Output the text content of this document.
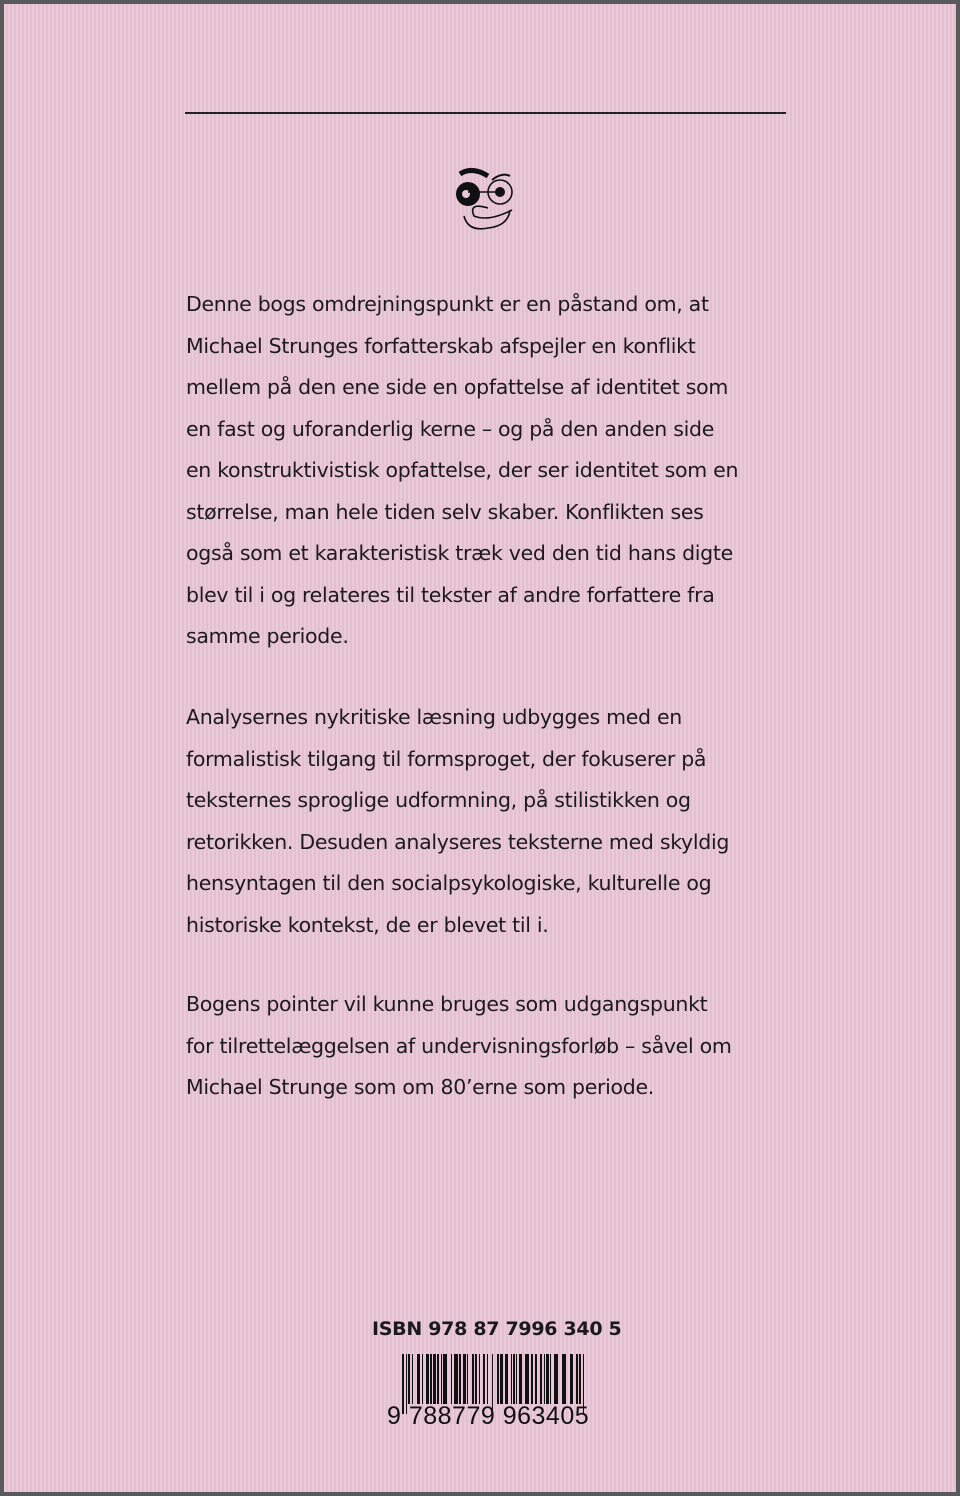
Denne bogs omdrejningspunkt er en påstand om, at
Michael Strunges forfatterskab afspejler en konflikt
mellem på den ene side en opfattelse af identitet som
en fast og uforanderlig kerne – og på den anden side
en konstruktivistisk opfattelse, der ser identitet som en
størrelse, man hele tiden selv skaber. Konflikten ses
også som et karakteristisk træk ved den tid hans digte
blev til i og relateres til tekster af andre forfattere fra
samme periode.
Analysernes nykritiske læsning udbygges med en
formalistisk tilgang til formsproget, der fokuserer på
teksternes sproglige udformning, på stilistikken og
retorikken. Desuden analyseres teksterne med skyldig
hensyntagen til den socialpsykologiske, kulturelle og
historiske kontekst, de er blevet til i.
Bogens pointer vil kunne bruges som udgangspunkt
for tilrettelæggelsen af undervisningsforløb – såvel om
Michael Strunge som om 80’erne som periode.
ISBN 978 87 7996 340 5
9 788779 963405
